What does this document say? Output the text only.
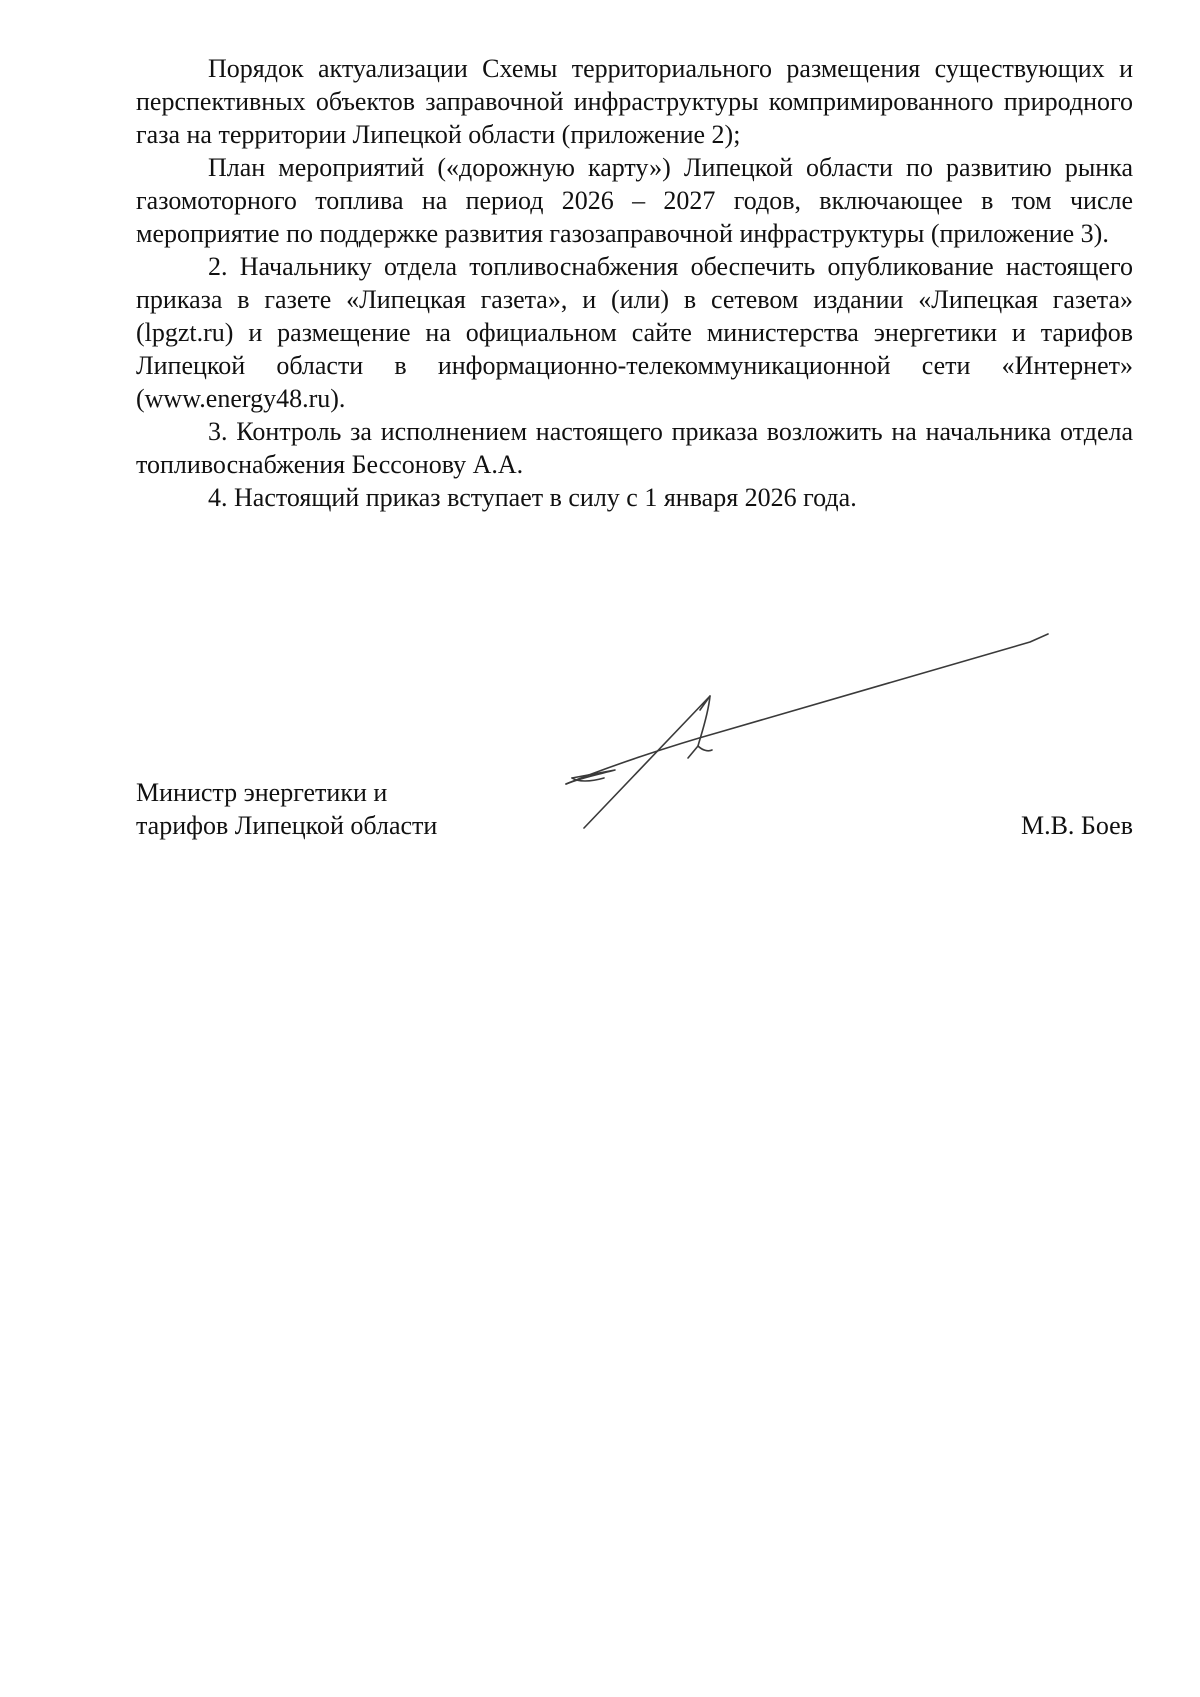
Порядок актуализации Схемы территориального размещения существующих и перспективных объектов заправочной инфраструктуры компримированного природного газа на территории Липецкой области (приложение 2);

План мероприятий («дорожную карту») Липецкой области по развитию рынка газомоторного топлива на период 2026 – 2027 годов, включающее в том числе мероприятие по поддержке развития газозаправочной инфраструктуры (приложение 3).

2. Начальнику отдела топливоснабжения обеспечить опубликование настоящего приказа в газете «Липецкая газета», и (или) в сетевом издании «Липецкая газета» (lpgzt.ru) и размещение на официальном сайте министерства энергетики и тарифов Липецкой области в информационно-телекоммуникационной сети «Интернет» (www.energy48.ru).

3. Контроль за исполнением настоящего приказа возложить на начальника отдела топливоснабжения Бессонову А.А.

4. Настоящий приказ вступает в силу с 1 января 2026 года.

Министр энергетики и
тарифов Липецкой области	М.В. Боев
